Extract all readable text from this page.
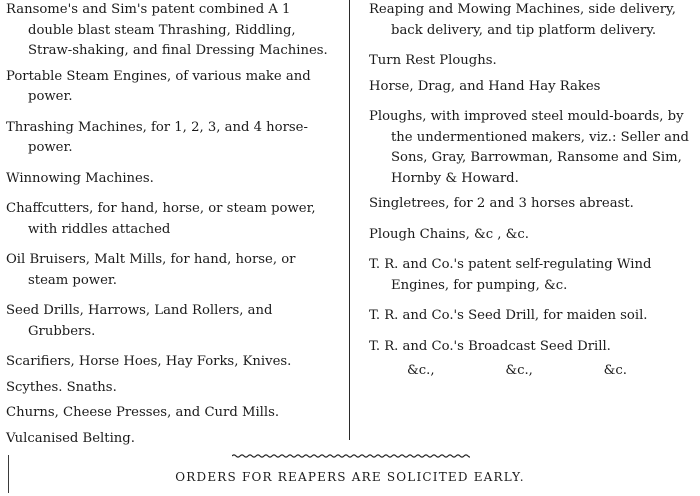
Ransome's and Sim's patent combined A 1 double blast steam Thrashing, Riddling, Straw-shaking, and final Dressing Machines.

Portable Steam Engines, of various make and power.

Thrashing Machines, for 1, 2, 3, and 4 horse-power.

Winnowing Machines.

Chaffcutters, for hand, horse, or steam power, with riddles attached

Oil Bruisers, Malt Mills, for hand, horse, or steam power.

Seed Drills, Harrows, Land Rollers, and Grubbers.

Scarifiers, Horse Hoes, Hay Forks, Knives.

Scythes. Snaths.

Churns, Cheese Presses, and Curd Mills.

Vulcanised Belting.

Reaping and Mowing Machines, side delivery, back delivery, and tip platform delivery.

Turn Rest Ploughs.

Horse, Drag, and Hand Hay Rakes

Ploughs, with improved steel mould-boards, by the undermentioned makers, viz.: Seller and Sons, Gray, Barrowman, Ransome and Sim, Hornby & Howard.

Singletrees, for 2 and 3 horses abreast.

Plough Chains, &c , &c.

T. R. and Co.'s patent self-regulating Wind Engines, for pumping, &c.

T. R. and Co.'s Seed Drill, for maiden soil.

T. R. and Co.'s Broadcast Seed Drill.

&c.,	&c.,	&c.
ORDERS FOR REAPERS ARE SOLICITED EARLY.
